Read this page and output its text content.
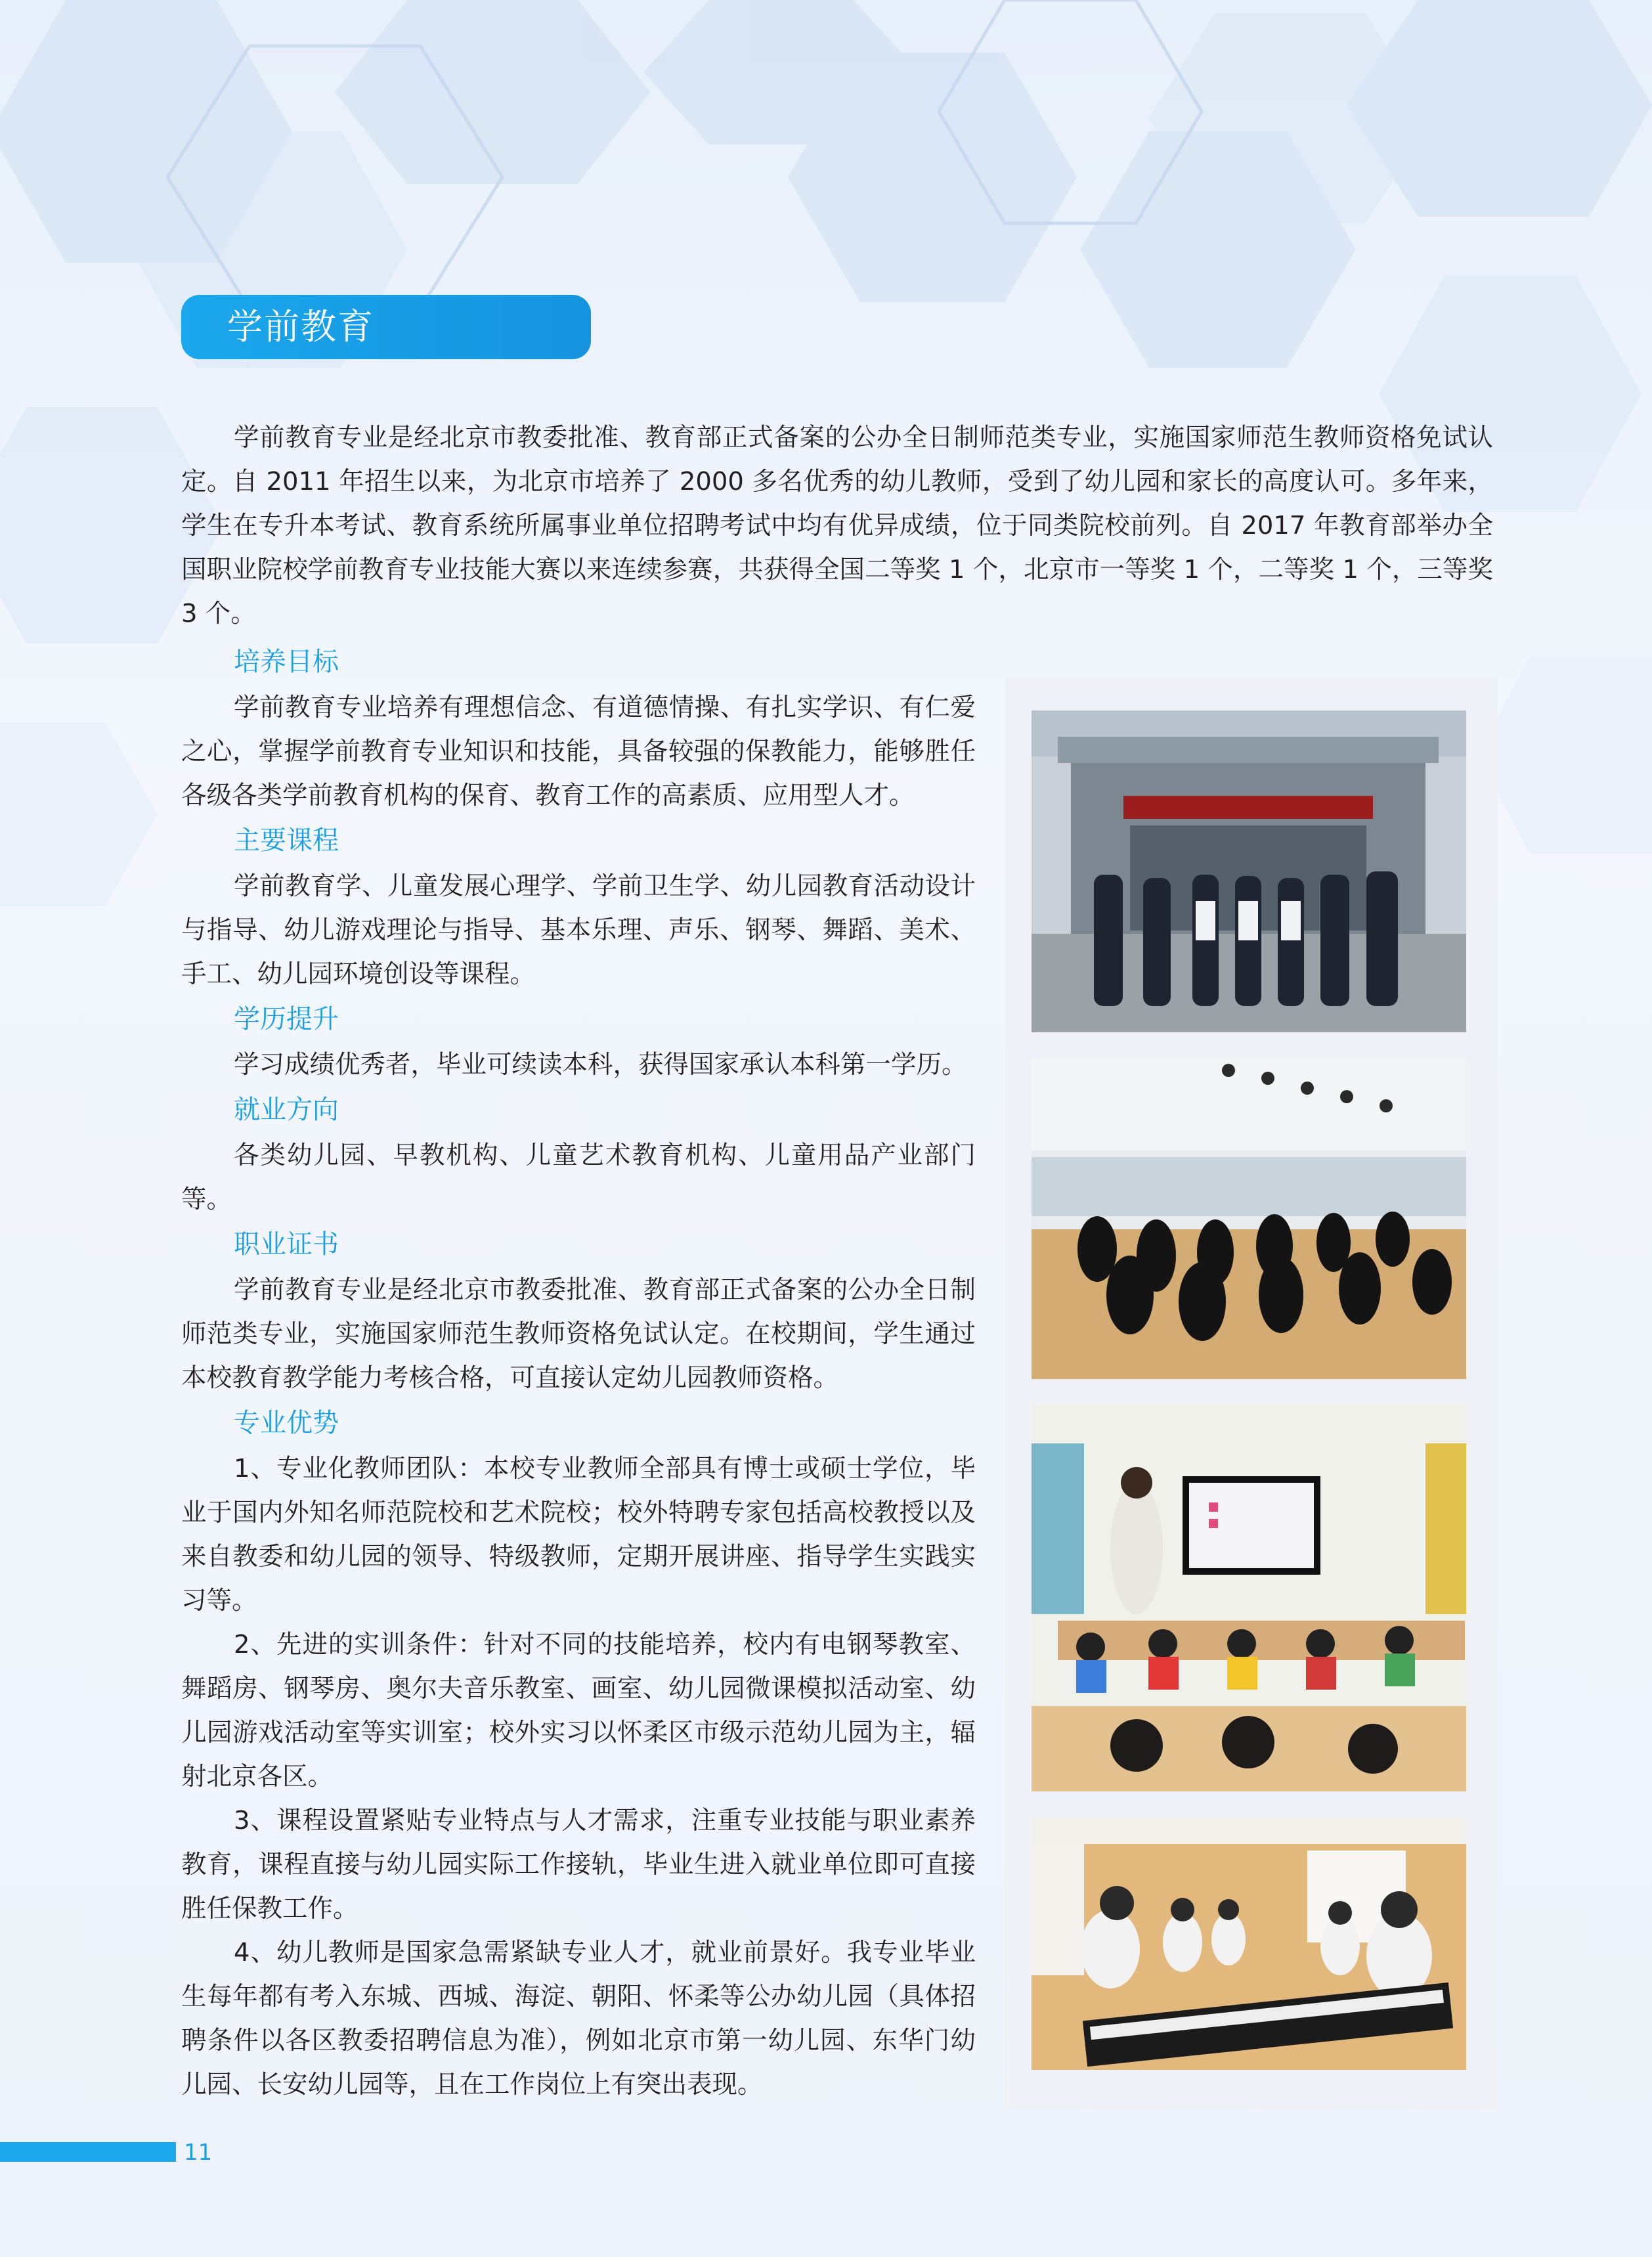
学前教育

学前教育专业是经北京市教委批准、教育部正式备案的公办全日制师范类专业，实施国家师范生教师资格免试认定。自 2011 年招生以来，为北京市培养了 2000 多名优秀的幼儿教师，受到了幼儿园和家长的高度认可。多年来，学生在专升本考试、教育系统所属事业单位招聘考试中均有优异成绩，位于同类院校前列。自 2017 年教育部举办全国职业院校学前教育专业技能大赛以来连续参赛，共获得全国二等奖 1 个，北京市一等奖 1 个，二等奖 1 个，三等奖 3 个。

培养目标

学前教育专业培养有理想信念、有道德情操、有扎实学识、有仁爱之心，掌握学前教育专业知识和技能，具备较强的保教能力，能够胜任各级各类学前教育机构的保育、教育工作的高素质、应用型人才。

主要课程

学前教育学、儿童发展心理学、学前卫生学、幼儿园教育活动设计与指导、幼儿游戏理论与指导、基本乐理、声乐、钢琴、舞蹈、美术、手工、幼儿园环境创设等课程。

学历提升

学习成绩优秀者，毕业可续读本科，获得国家承认本科第一学历。

就业方向

各类幼儿园、早教机构、儿童艺术教育机构、儿童用品产业部门等。

职业证书

学前教育专业是经北京市教委批准、教育部正式备案的公办全日制师范类专业，实施国家师范生教师资格免试认定。在校期间，学生通过本校教育教学能力考核合格，可直接认定幼儿园教师资格。

专业优势

1、专业化教师团队：本校专业教师全部具有博士或硕士学位，毕业于国内外知名师范院校和艺术院校；校外特聘专家包括高校教授以及来自教委和幼儿园的领导、特级教师，定期开展讲座、指导学生实践实习等。

2、先进的实训条件：针对不同的技能培养，校内有电钢琴教室、舞蹈房、钢琴房、奥尔夫音乐教室、画室、幼儿园微课模拟活动室、幼儿园游戏活动室等实训室；校外实习以怀柔区市级示范幼儿园为主，辐射北京各区。

3、课程设置紧贴专业特点与人才需求，注重专业技能与职业素养教育，课程直接与幼儿园实际工作接轨，毕业生进入就业单位即可直接胜任保教工作。

4、幼儿教师是国家急需紧缺专业人才，就业前景好。我专业毕业生每年都有考入东城、西城、海淀、朝阳、怀柔等公办幼儿园（具体招聘条件以各区教委招聘信息为准），例如北京市第一幼儿园、东华门幼儿园、长安幼儿园等，且在工作岗位上有突出表现。

11
